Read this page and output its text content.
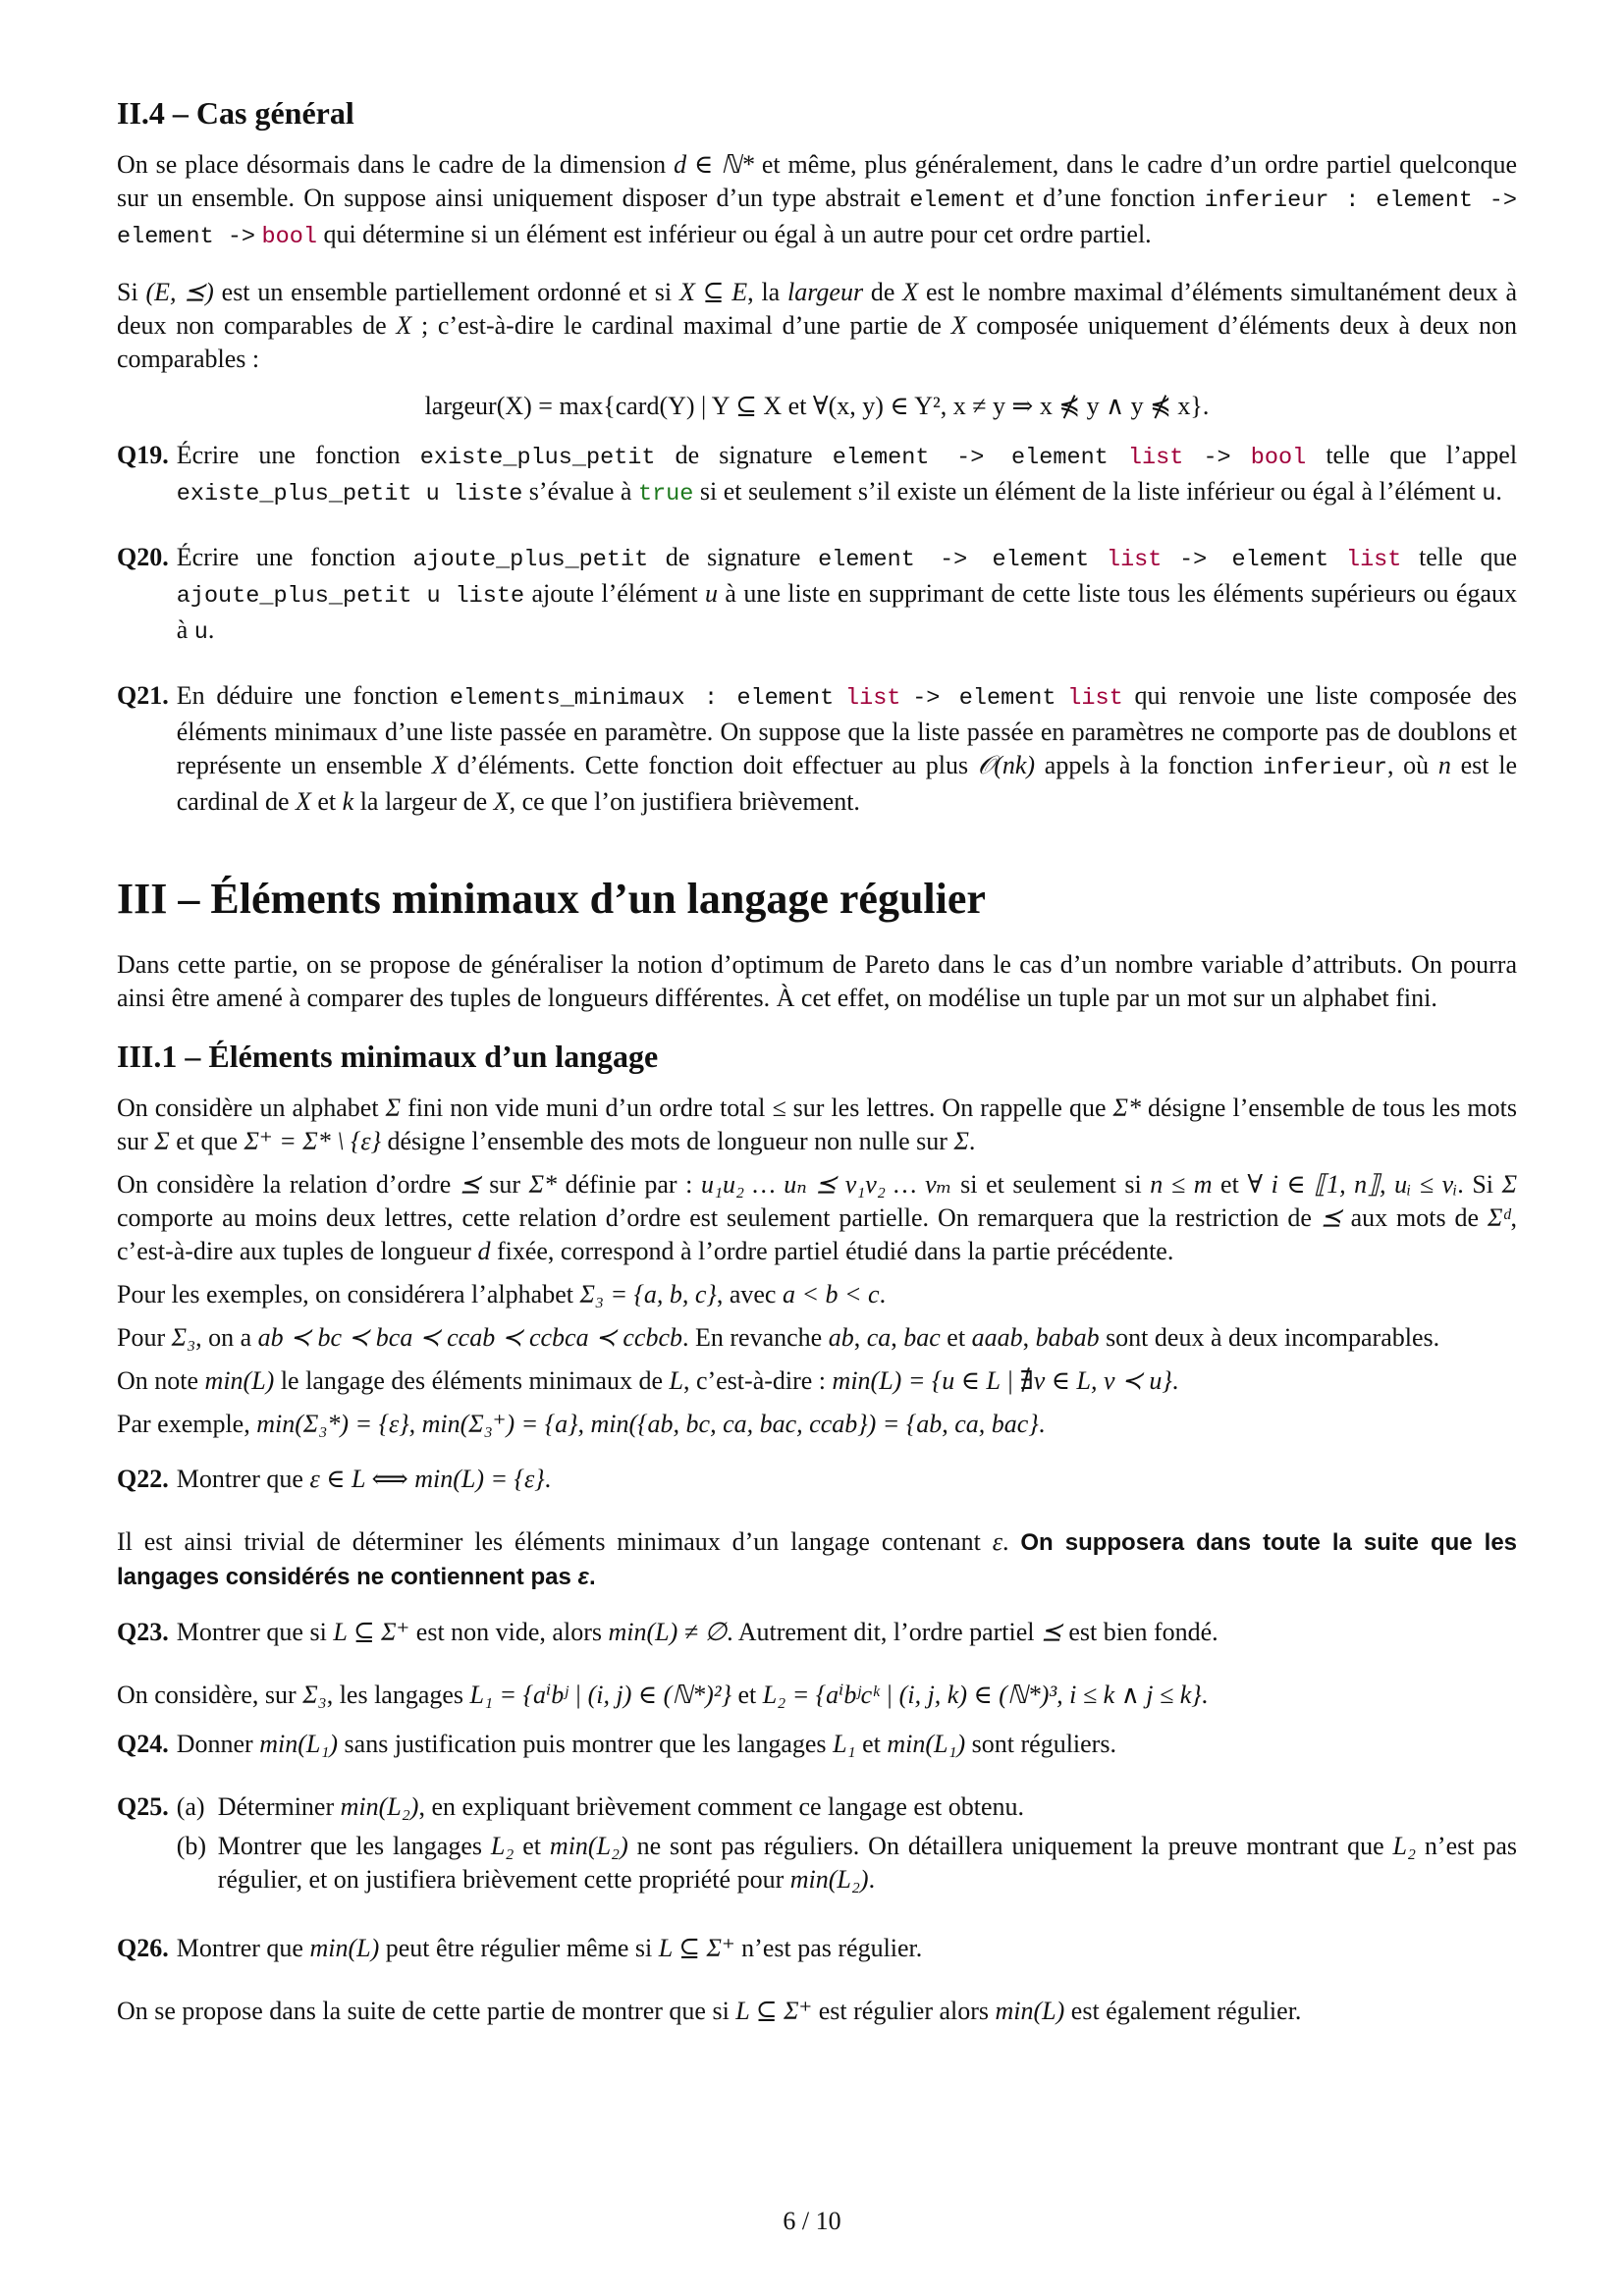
II.4 – Cas général

On se place désormais dans le cadre de la dimension d ∈ ℕ* et même, plus généralement, dans le cadre d’un ordre partiel quelconque sur un ensemble. On suppose ainsi uniquement disposer d’un type abstrait element et d’une fonction inferieur : element -> element -> bool qui détermine si un élément est inférieur ou égal à un autre pour cet ordre partiel.

Si (E, ⪯) est un ensemble partiellement ordonné et si X ⊆ E, la largeur de X est le nombre maximal d’éléments simultanément deux à deux non comparables de X ; c’est-à-dire le cardinal maximal d’une partie de X composée uniquement d’éléments deux à deux non comparables :

largeur(X) = max{card(Y) | Y ⊆ X et ∀(x, y) ∈ Y², x ≠ y ⇒ x ⋠ y ∧ y ⋠ x}.
Q19. Écrire une fonction existe_plus_petit de signature element -> element list -> bool telle que l’appel existe_plus_petit u liste s’évalue à true si et seulement s’il existe un élément de la liste inférieur ou égal à l’élément u.
Q20. Écrire une fonction ajoute_plus_petit de signature element -> element list -> element list telle que ajoute_plus_petit u liste ajoute l’élément u à une liste en supprimant de cette liste tous les éléments supérieurs ou égaux à u.
Q21. En déduire une fonction elements_minimaux : element list -> element list qui renvoie une liste composée des éléments minimaux d’une liste passée en paramètre. On suppose que la liste passée en paramètres ne comporte pas de doublons et représente un ensemble X d’éléments. Cette fonction doit effectuer au plus 𝒪(nk) appels à la fonction inferieur, où n est le cardinal de X et k la largeur de X, ce que l’on justifiera brièvement.
III – Éléments minimaux d’un langage régulier

Dans cette partie, on se propose de généraliser la notion d’optimum de Pareto dans le cas d’un nombre variable d’attributs. On pourra ainsi être amené à comparer des tuples de longueurs différentes. À cet effet, on modélise un tuple par un mot sur un alphabet fini.

III.1 – Éléments minimaux d’un langage

On considère un alphabet Σ fini non vide muni d’un ordre total ≤ sur les lettres. On rappelle que Σ* désigne l’ensemble de tous les mots sur Σ et que Σ⁺ = Σ* \ {ε} désigne l’ensemble des mots de longueur non nulle sur Σ.

On considère la relation d’ordre ⪯ sur Σ* définie par : u₁u₂ … uₙ ⪯ v₁v₂ … vₘ si et seulement si n ≤ m et ∀ i ∈ ⟦1, n⟧, uᵢ ≤ vᵢ. Si Σ comporte au moins deux lettres, cette relation d’ordre est seulement partielle. On remarquera que la restriction de ⪯ aux mots de Σᵈ, c’est-à-dire aux tuples de longueur d fixée, correspond à l’ordre partiel étudié dans la partie précédente.

Pour les exemples, on considérera l’alphabet Σ₃ = {a, b, c}, avec a < b < c.

Pour Σ₃, on a ab ≺ bc ≺ bca ≺ ccab ≺ ccbca ≺ ccbcb. En revanche ab, ca, bac et aaab, babab sont deux à deux incomparables.

On note min(L) le langage des éléments minimaux de L, c’est-à-dire : min(L) = {u ∈ L | ∄v ∈ L, v ≺ u}.

Par exemple, min(Σ₃*) = {ε}, min(Σ₃⁺) = {a}, min({ab, bc, ca, bac, ccab}) = {ab, ca, bac}.

Q22. Montrer que ε ∈ L ⟺ min(L) = {ε}.

Il est ainsi trivial de déterminer les éléments minimaux d’un langage contenant ε. On supposera dans toute la suite que les langages considérés ne contiennent pas ε.

Q23. Montrer que si L ⊆ Σ⁺ est non vide, alors min(L) ≠ ∅. Autrement dit, l’ordre partiel ⪯ est bien fondé.

On considère, sur Σ₃, les langages L₁ = {aⁱbʲ | (i, j) ∈ (ℕ*)²} et L₂ = {aⁱbʲcᵏ | (i, j, k) ∈ (ℕ*)³, i ≤ k ∧ j ≤ k}.

Q24. Donner min(L₁) sans justification puis montrer que les langages L₁ et min(L₁) sont réguliers.
Q25. (a) Déterminer min(L₂), en expliquant brièvement comment ce langage est obtenu.
(b) Montrer que les langages L₂ et min(L₂) ne sont pas réguliers. On détaillera uniquement la preuve montrant que L₂ n’est pas régulier, et on justifiera brièvement cette propriété pour min(L₂).
Q26. Montrer que min(L) peut être régulier même si L ⊆ Σ⁺ n’est pas régulier.

On se propose dans la suite de cette partie de montrer que si L ⊆ Σ⁺ est régulier alors min(L) est également régulier.

6 / 10
